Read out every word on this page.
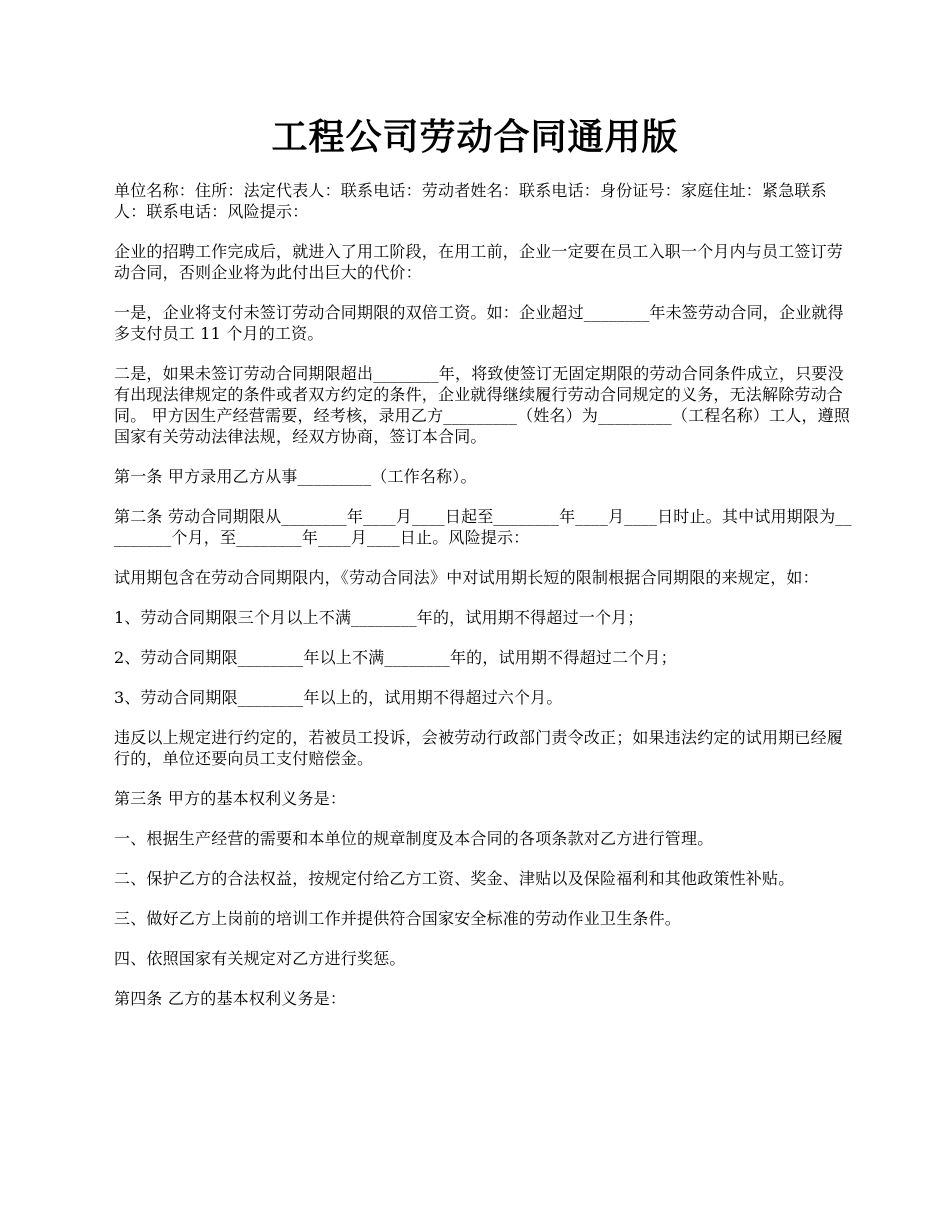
工程公司劳动合同通用版

单位名称：住所：法定代表人：联系电话：劳动者姓名：联系电话：身份证号：家庭住址：紧急联系人：联系电话：风险提示：

企业的招聘工作完成后，就进入了用工阶段，在用工前，企业一定要在员工入职一个月内与员工签订劳动合同，否则企业将为此付出巨大的代价：

一是，企业将支付未签订劳动合同期限的双倍工资。如：企业超过________年未签劳动合同，企业就得多支付员工 11 个月的工资。

二是，如果未签订劳动合同期限超出________年，将致使签订无固定期限的劳动合同条件成立，只要没有出现法律规定的条件或者双方约定的条件，企业就得继续履行劳动合同规定的义务，无法解除劳动合同。 甲方因生产经营需要，经考核，录用乙方_________（姓名）为_________（工程名称）工人，遵照国家有关劳动法律法规，经双方协商，签订本合同。

第一条 甲方录用乙方从事_________（工作名称）。

第二条 劳动合同期限从________年____月____日起至________年____月____日时止。其中试用期限为_________个月，至________年____月____日止。风险提示：

试用期包含在劳动合同期限内，《劳动合同法》中对试用期长短的限制根据合同期限的来规定，如：

1、劳动合同期限三个月以上不满________年的，试用期不得超过一个月；

2、劳动合同期限________年以上不满________年的，试用期不得超过二个月；

3、劳动合同期限________年以上的，试用期不得超过六个月。

违反以上规定进行约定的，若被员工投诉，会被劳动行政部门责令改正；如果违法约定的试用期已经履行的，单位还要向员工支付赔偿金。

第三条 甲方的基本权利义务是：

一、根据生产经营的需要和本单位的规章制度及本合同的各项条款对乙方进行管理。

二、保护乙方的合法权益，按规定付给乙方工资、奖金、津贴以及保险福利和其他政策性补贴。

三、做好乙方上岗前的培训工作并提供符合国家安全标准的劳动作业卫生条件。

四、依照国家有关规定对乙方进行奖惩。

第四条 乙方的基本权利义务是：
